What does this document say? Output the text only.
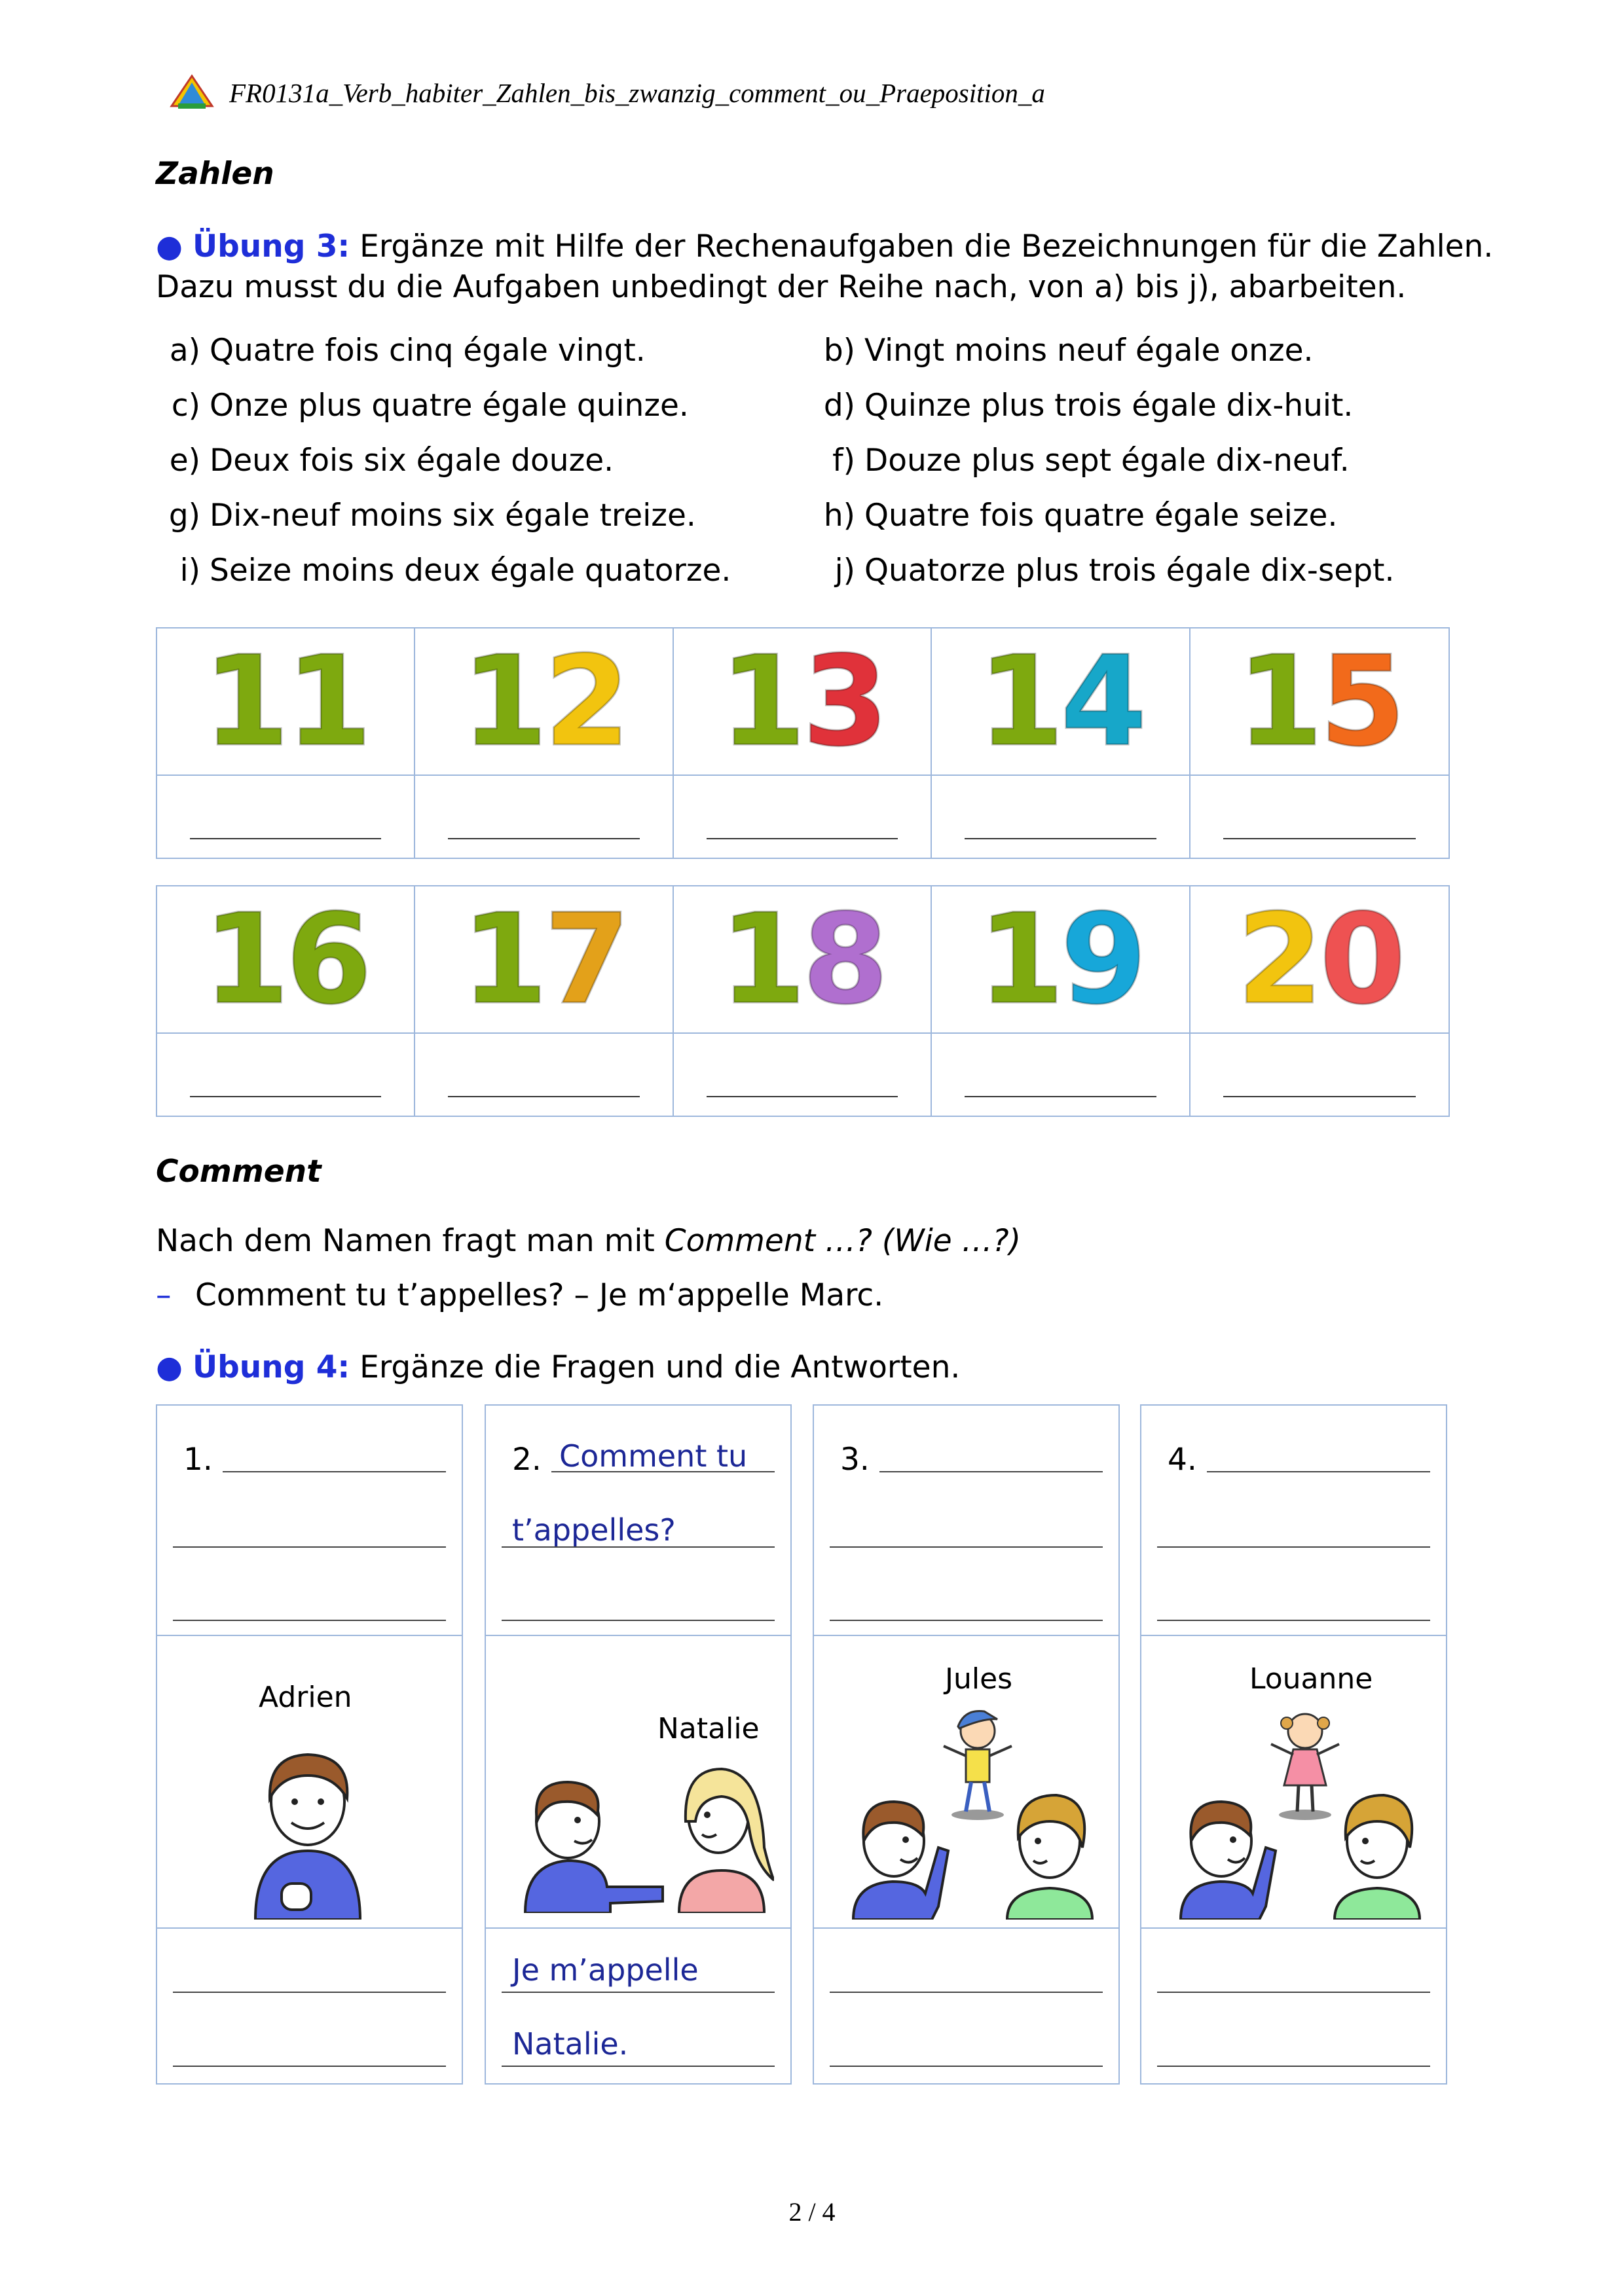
FR0131a_Verb_habiter_Zahlen_bis_zwanzig_comment_ou_Praeposition_a
Zahlen
● Übung 3: Ergänze mit Hilfe der Rechenaufgaben die Bezeichnungen für die Zahlen.
Dazu musst du die Aufgaben unbedingt der Reihe nach, von a) bis j), abarbeiten.
a) Quatre fois cinq égale vingt.	b) Vingt moins neuf égale onze.
c) Onze plus quatre égale quinze.	d) Quinze plus trois égale dix-huit.
e) Deux fois six égale douze.	f) Douze plus sept égale dix-neuf.
g) Dix-neuf moins six égale treize.	h) Quatre fois quatre égale seize.
i) Seize moins deux égale quatorze.	j) Quatorze plus trois égale dix-sept.
1 1 1 2 1 3 1 4 1 5
1 6 1 7 1 8 1 9 2 0
Comment
Nach dem Namen fragt man mit Comment …? (Wie …?)
– Comment tu t’appelles? – Je m‘appelle Marc.
● Übung 4: Ergänze die Fragen und die Antworten.
1.
Adrien
2. Comment tu
t’appelles?
Natalie
Je m’appelle
Natalie.
3.
Jules
4.
Louanne
2 / 4
